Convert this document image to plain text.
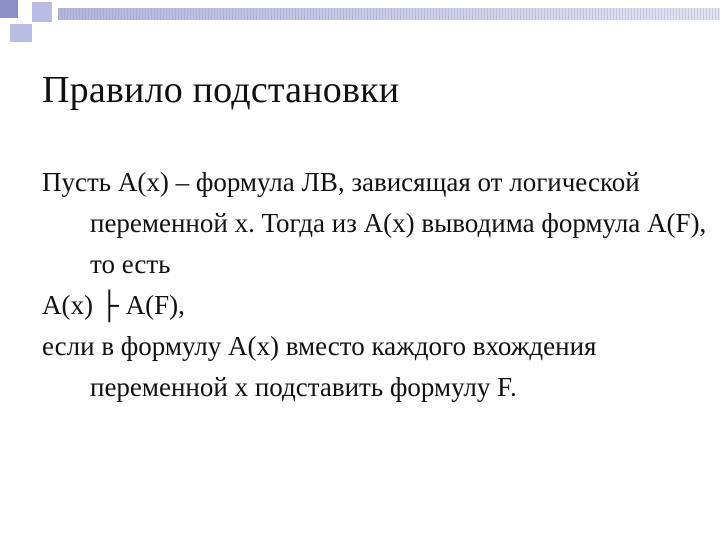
Правило подстановки

Пусть А(х) – формула ЛВ, зависящая от логической переменной х. Тогда из А(х) выводима формула А(F), то есть

А(х) ├ А(F),

если в формулу А(х) вместо каждого вхождения переменной х подставить формулу F.
